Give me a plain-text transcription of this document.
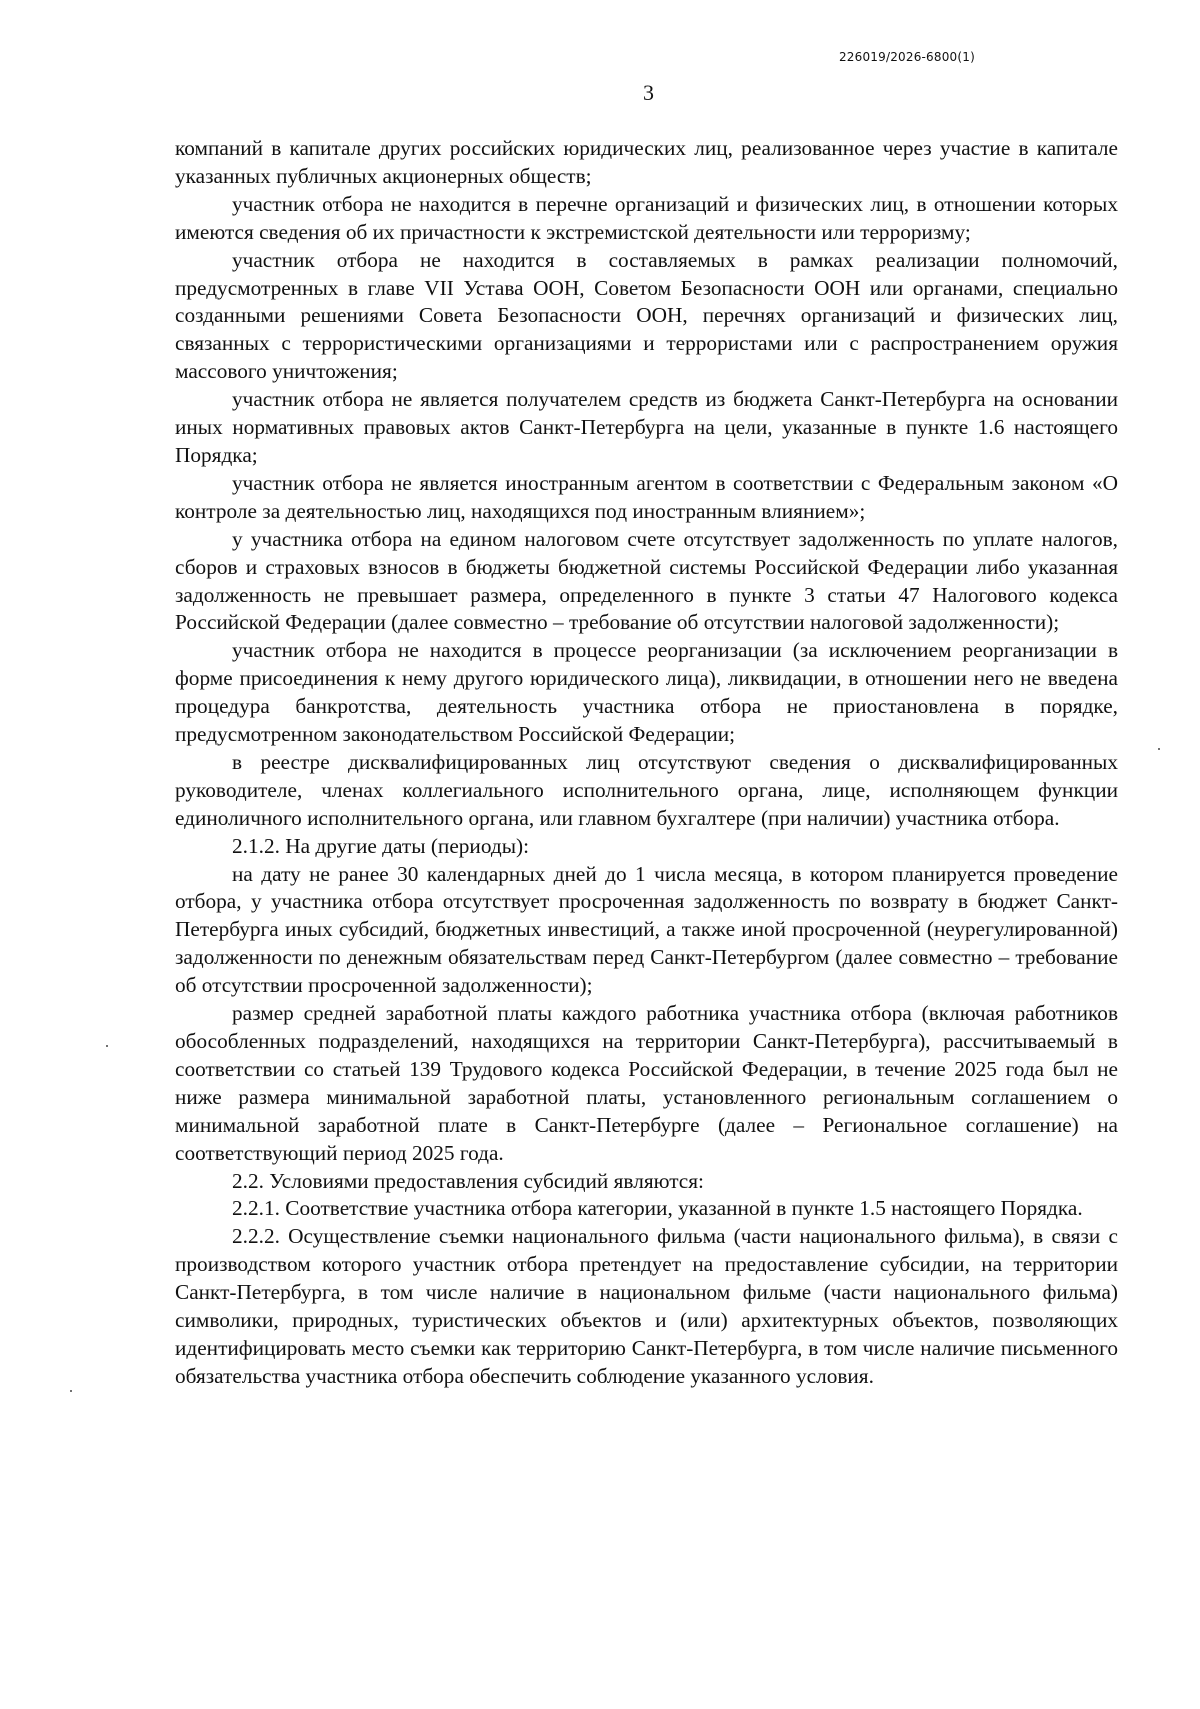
226019/2026-6800(1)
3

компаний в капитале других российских юридических лиц, реализованное через участие в капитале указанных публичных акционерных обществ;

участник отбора не находится в перечне организаций и физических лиц, в отношении которых имеются сведения об их причастности к экстремистской деятельности или терроризму;

участник отбора не находится в составляемых в рамках реализации полномочий, предусмотренных в главе VII Устава ООН, Советом Безопасности ООН или органами, специально созданными решениями Совета Безопасности ООН, перечнях организаций и физических лиц, связанных с террористическими организациями и террористами или с распространением оружия массового уничтожения;

участник отбора не является получателем средств из бюджета Санкт-Петербурга на основании иных нормативных правовых актов Санкт-Петербурга на цели, указанные в пункте 1.6 настоящего Порядка;

участник отбора не является иностранным агентом в соответствии с Федеральным законом «О контроле за деятельностью лиц, находящихся под иностранным влиянием»;

у участника отбора на едином налоговом счете отсутствует задолженность по уплате налогов, сборов и страховых взносов в бюджеты бюджетной системы Российской Федерации либо указанная задолженность не превышает размера, определенного в пункте 3 статьи 47 Налогового кодекса Российской Федерации (далее совместно – требование об отсутствии налоговой задолженности);

участник отбора не находится в процессе реорганизации (за исключением реорганизации в форме присоединения к нему другого юридического лица), ликвидации, в отношении него не введена процедура банкротства, деятельность участника отбора не приостановлена в порядке, предусмотренном законодательством Российской Федерации;

в реестре дисквалифицированных лиц отсутствуют сведения о дисквалифицированных руководителе, членах коллегиального исполнительного органа, лице, исполняющем функции единоличного исполнительного органа, или главном бухгалтере (при наличии) участника отбора.

2.1.2. На другие даты (периоды):

на дату не ранее 30 календарных дней до 1 числа месяца, в котором планируется проведение отбора, у участника отбора отсутствует просроченная задолженность по возврату в бюджет Санкт-Петербурга иных субсидий, бюджетных инвестиций, а также иной просроченной (неурегулированной) задолженности по денежным обязательствам перед Санкт-Петербургом (далее совместно – требование об отсутствии просроченной задолженности);

размер средней заработной платы каждого работника участника отбора (включая работников обособленных подразделений, находящихся на территории Санкт-Петербурга), рассчитываемый в соответствии со статьей 139 Трудового кодекса Российской Федерации, в течение 2025 года был не ниже размера минимальной заработной платы, установленного региональным соглашением о минимальной заработной плате в Санкт-Петербурге (далее – Региональное соглашение) на соответствующий период 2025 года.

2.2. Условиями предоставления субсидий являются:

2.2.1. Соответствие участника отбора категории, указанной в пункте 1.5 настоящего Порядка.

2.2.2. Осуществление съемки национального фильма (части национального фильма), в связи с производством которого участник отбора претендует на предоставление субсидии, на территории Санкт-Петербурга, в том числе наличие в национальном фильме (части национального фильма) символики, природных, туристических объектов и (или) архитектурных объектов, позволяющих идентифицировать место съемки как территорию Санкт-Петербурга, в том числе наличие письменного обязательства участника отбора обеспечить соблюдение указанного условия.
